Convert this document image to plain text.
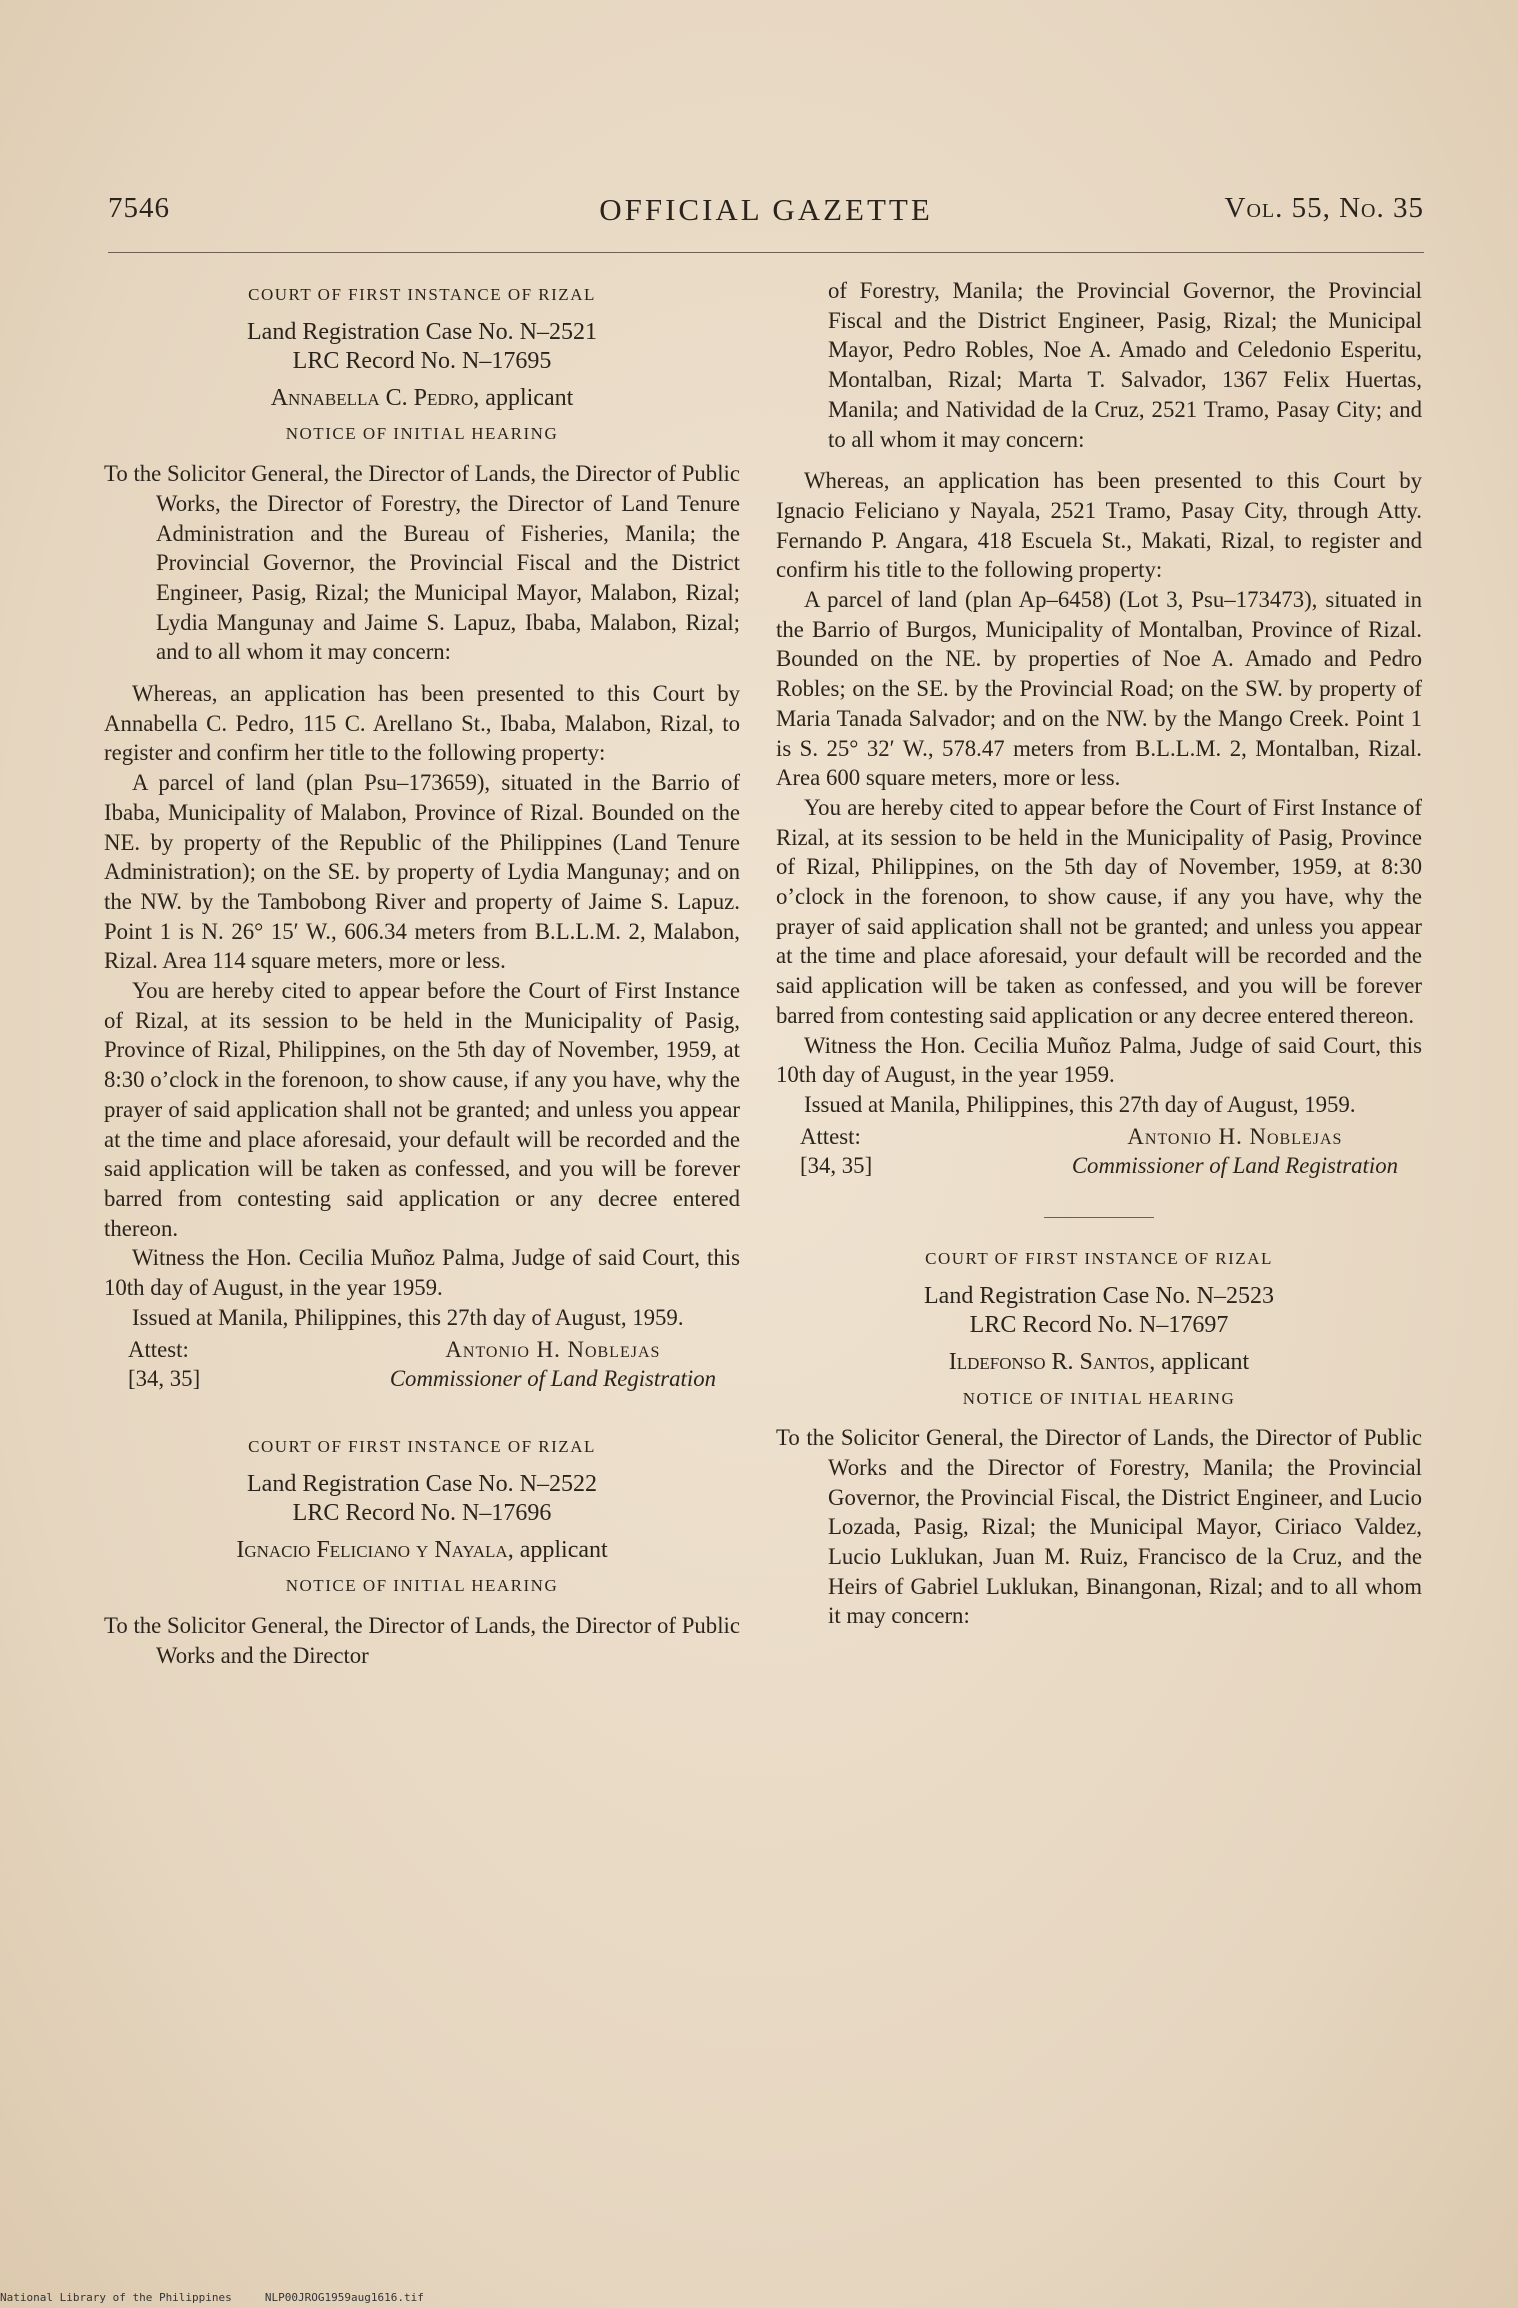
7546	OFFICIAL GAZETTE	Vol. 55, No. 35
COURT OF FIRST INSTANCE OF RIZAL
Land Registration Case No. N–2521
LRC Record No. N–17695
Annabella C. Pedro, applicant
NOTICE OF INITIAL HEARING

To the Solicitor General, the Director of Lands, the Director of Public Works, the Director of Forestry, the Director of Land Tenure Administration and the Bureau of Fisheries, Manila; the Provincial Governor, the Provincial Fiscal and the District Engineer, Pasig, Rizal; the Municipal Mayor, Malabon, Rizal; Lydia Mangunay and Jaime S. Lapuz, Ibaba, Malabon, Rizal; and to all whom it may concern:

Whereas, an application has been presented to this Court by Annabella C. Pedro, 115 C. Arellano St., Ibaba, Malabon, Rizal, to register and confirm her title to the following property:

A parcel of land (plan Psu–173659), situated in the Barrio of Ibaba, Municipality of Malabon, Province of Rizal. Bounded on the NE. by property of the Republic of the Philippines (Land Tenure Administration); on the SE. by property of Lydia Mangunay; and on the NW. by the Tambobong River and property of Jaime S. Lapuz. Point 1 is N. 26° 15′ W., 606.34 meters from B.L.L.M. 2, Malabon, Rizal. Area 114 square meters, more or less.

You are hereby cited to appear before the Court of First Instance of Rizal, at its session to be held in the Municipality of Pasig, Province of Rizal, Philippines, on the 5th day of November, 1959, at 8:30 o’clock in the forenoon, to show cause, if any you have, why the prayer of said application shall not be granted; and unless you appear at the time and place aforesaid, your default will be recorded and the said application will be taken as confessed, and you will be forever barred from contesting said application or any decree entered thereon.

Witness the Hon. Cecilia Muñoz Palma, Judge of said Court, this 10th day of August, in the year 1959.

Issued at Manila, Philippines, this 27th day of August, 1959.

Attest:
[34, 35]
Antonio H. Noblejas
Commissioner of Land Registration
COURT OF FIRST INSTANCE OF RIZAL
Land Registration Case No. N–2522
LRC Record No. N–17696
Ignacio Feliciano y Nayala, applicant
NOTICE OF INITIAL HEARING

To the Solicitor General, the Director of Lands, the Director of Public Works and the Director

of Forestry, Manila; the Provincial Governor, the Provincial Fiscal and the District Engineer, Pasig, Rizal; the Municipal Mayor, Pedro Robles, Noe A. Amado and Celedonio Esperitu, Montalban, Rizal; Marta T. Salvador, 1367 Felix Huertas, Manila; and Natividad de la Cruz, 2521 Tramo, Pasay City; and to all whom it may concern:

Whereas, an application has been presented to this Court by Ignacio Feliciano y Nayala, 2521 Tramo, Pasay City, through Atty. Fernando P. Angara, 418 Escuela St., Makati, Rizal, to register and confirm his title to the following property:

A parcel of land (plan Ap–6458) (Lot 3, Psu–173473), situated in the Barrio of Burgos, Municipality of Montalban, Province of Rizal. Bounded on the NE. by properties of Noe A. Amado and Pedro Robles; on the SE. by the Provincial Road; on the SW. by property of Maria Tanada Salvador; and on the NW. by the Mango Creek. Point 1 is S. 25° 32′ W., 578.47 meters from B.L.L.M. 2, Montalban, Rizal. Area 600 square meters, more or less.

You are hereby cited to appear before the Court of First Instance of Rizal, at its session to be held in the Municipality of Pasig, Province of Rizal, Philippines, on the 5th day of November, 1959, at 8:30 o’clock in the forenoon, to show cause, if any you have, why the prayer of said application shall not be granted; and unless you appear at the time and place aforesaid, your default will be recorded and the said application will be taken as confessed, and you will be forever barred from contesting said application or any decree entered thereon.

Witness the Hon. Cecilia Muñoz Palma, Judge of said Court, this 10th day of August, in the year 1959.

Issued at Manila, Philippines, this 27th day of August, 1959.

Attest:
[34, 35]
Antonio H. Noblejas
Commissioner of Land Registration
COURT OF FIRST INSTANCE OF RIZAL
Land Registration Case No. N–2523
LRC Record No. N–17697
Ildefonso R. Santos, applicant
NOTICE OF INITIAL HEARING

To the Solicitor General, the Director of Lands, the Director of Public Works and the Director of Forestry, Manila; the Provincial Governor, the Provincial Fiscal, the District Engineer, and Lucio Lozada, Pasig, Rizal; the Municipal Mayor, Ciriaco Valdez, Lucio Luklukan, Juan M. Ruiz, Francisco de la Cruz, and the Heirs of Gabriel Luklukan, Binangonan, Rizal; and to all whom it may concern:

National Library of the Philippines     NLP00JROG1959aug1616.tif
